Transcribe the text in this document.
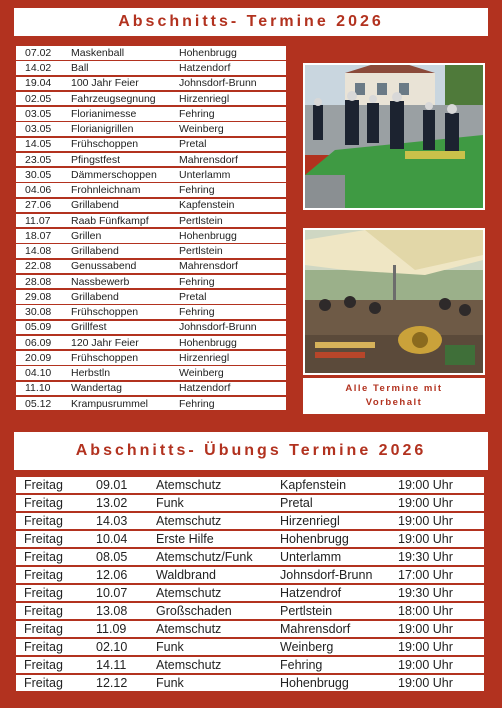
Abschnitts- Termine 2026
07.02	Maskenball	Hohenbrugg
14.02	Ball	Hatzendorf
19.04	100 Jahr Feier	Johnsdorf-Brunn
02.05	Fahrzeugsegnung	Hirzenriegl
03.05	Florianimesse	Fehring
03.05	Florianigrillen	Weinberg
14.05	Frühschoppen	Pretal
23.05	Pfingstfest	Mahrensdorf
30.05	Dämmerschoppen	Unterlamm
04.06	Frohnleichnam	Fehring
27.06	Grillabend	Kapfenstein
11.07	Raab Fünfkampf	Pertlstein
18.07	Grillen	Hohenbrugg
14.08	Grillabend	Pertlstein
22.08	Genussabend	Mahrensdorf
28.08	Nassbewerb	Fehring
29.08	Grillabend	Pretal
30.08	Frühschoppen	Fehring
05.09	Grillfest	Johnsdorf-Brunn
06.09	120 Jahr Feier	Hohenbrugg
20.09	Frühschoppen	Hirzenriegl
04.10	Herbstln	Weinberg
11.10	Wandertag	Hatzendorf
05.12	Krampusrummel	Fehring
Alle Termine mit Vorbehalt
Abschnitts- Übungs Termine 2026
Freitag	09.01	Atemschutz	Kapfenstein	19:00 Uhr
Freitag	13.02	Funk	Pretal	19:00 Uhr
Freitag	14.03	Atemschutz	Hirzenriegl	19:00 Uhr
Freitag	10.04	Erste Hilfe	Hohenbrugg	19:00 Uhr
Freitag	08.05	Atemschutz/Funk	Unterlamm	19:30 Uhr
Freitag	12.06	Waldbrand	Johnsdorf-Brunn	17:00 Uhr
Freitag	10.07	Atemschutz	Hatzendrof	19:30 Uhr
Freitag	13.08	Großschaden	Pertlstein	18:00 Uhr
Freitag	11.09	Atemschutz	Mahrensdorf	19:00 Uhr
Freitag	02.10	Funk	Weinberg	19:00 Uhr
Freitag	14.11	Atemschutz	Fehring	19:00 Uhr
Freitag	12.12	Funk	Hohenbrugg	19:00 Uhr
